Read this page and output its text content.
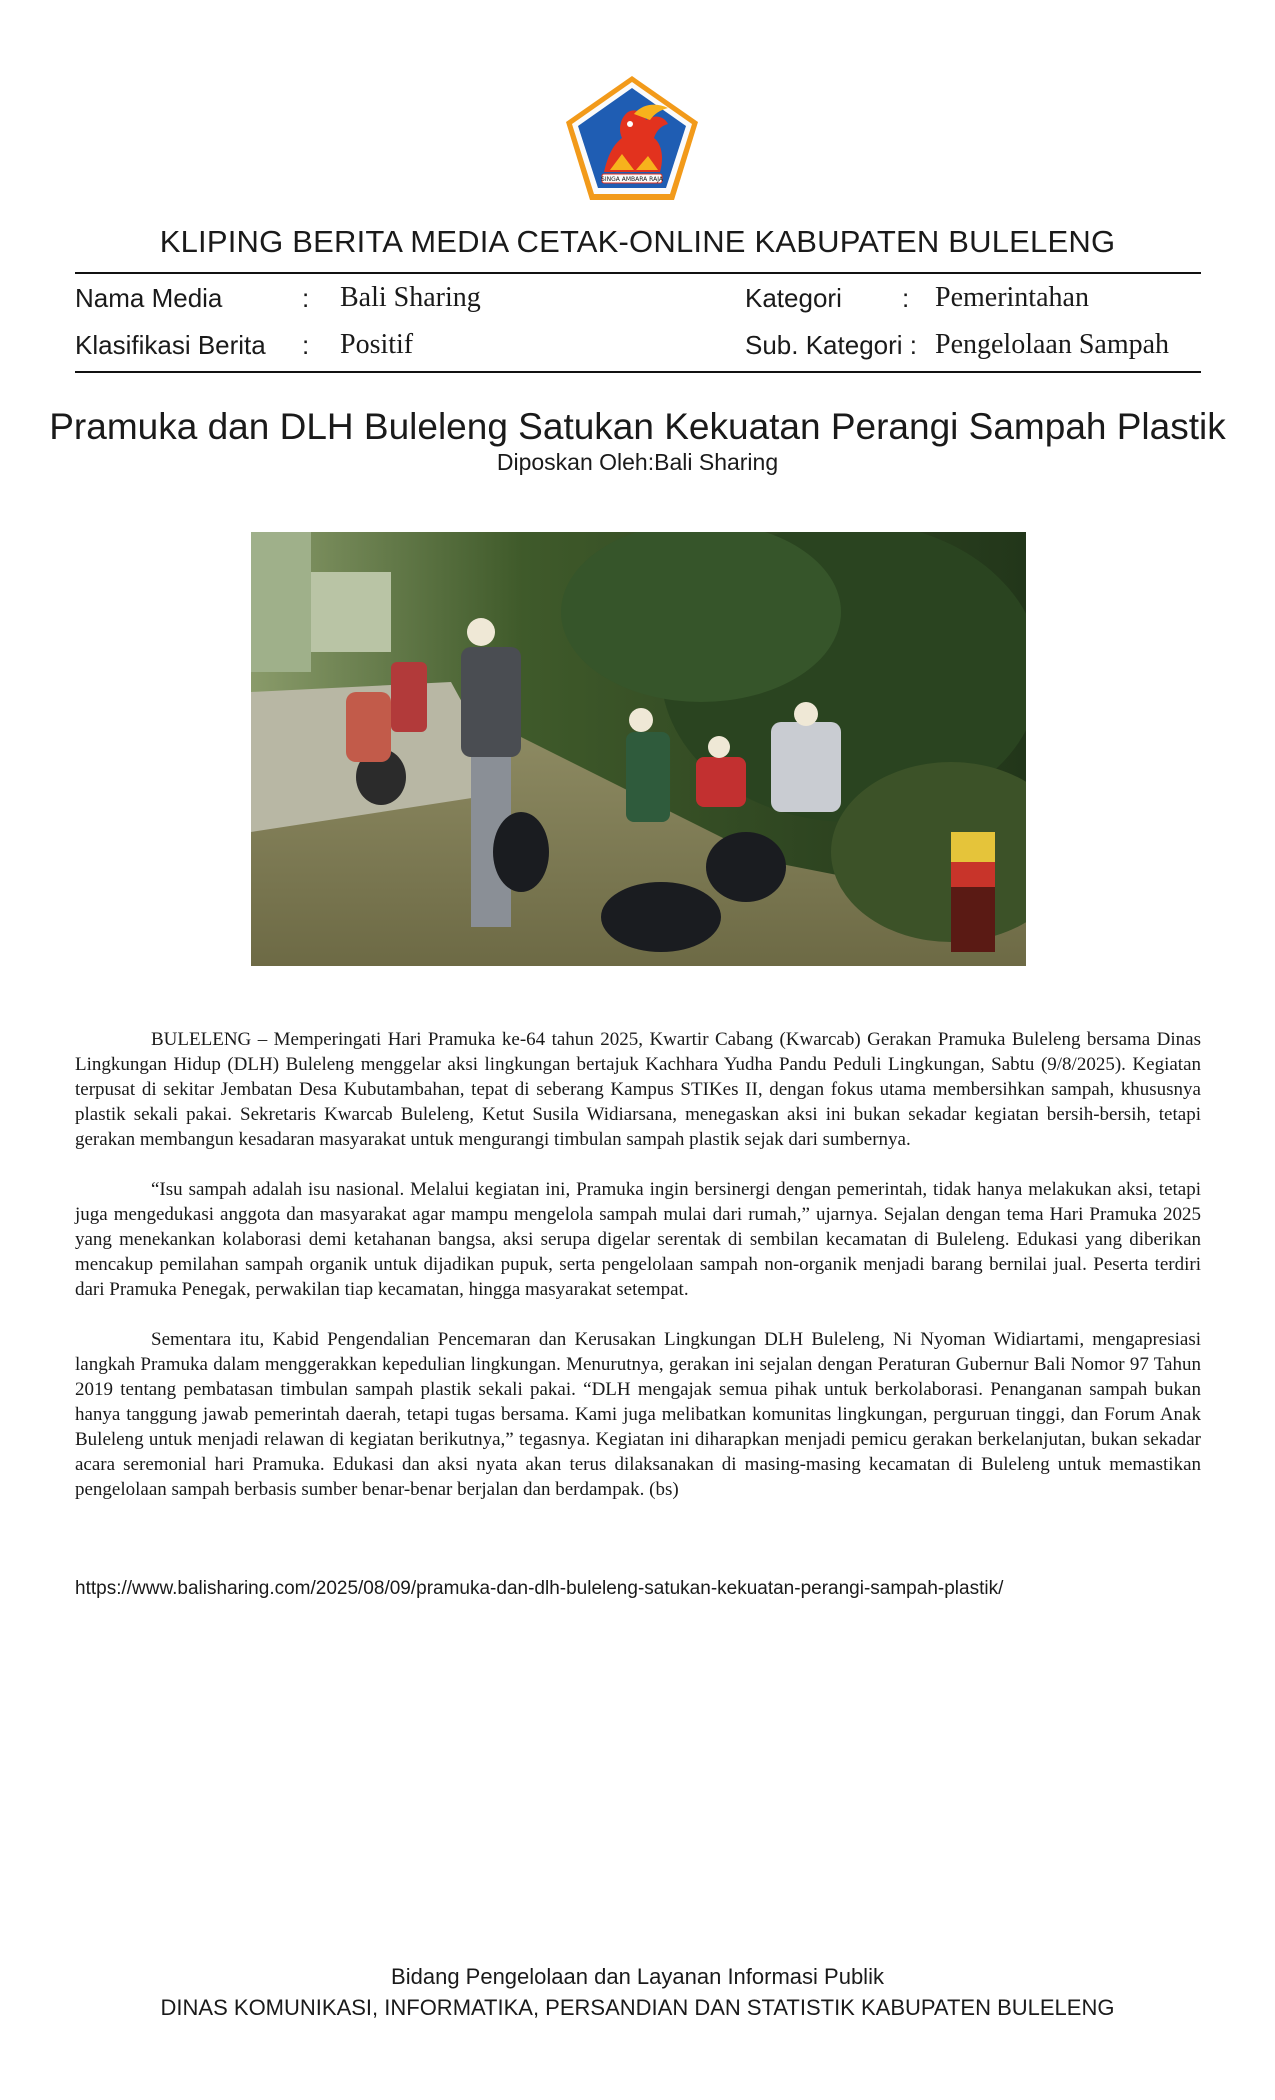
SINGA AMBARA RAJA
KLIPING BERITA MEDIA CETAK-ONLINE KABUPATEN BULELENG
Nama Media	: Bali Sharing	Kategori : Pemerintahan
Klasifikasi Berita : Positif	Sub. Kategori : Pengelolaan Sampah
Pramuka dan DLH Buleleng Satukan Kekuatan Perangi Sampah Plastik
Diposkan Oleh:Bali Sharing

BULELENG – Memperingati Hari Pramuka ke-64 tahun 2025, Kwartir Cabang (Kwarcab) Gerakan Pramuka Buleleng bersama Dinas Lingkungan Hidup (DLH) Buleleng menggelar aksi lingkungan bertajuk Kachhara Yudha Pandu Peduli Lingkungan, Sabtu (9/8/2025). Kegiatan terpusat di sekitar Jembatan Desa Kubutambahan, tepat di seberang Kampus STIKes II, dengan fokus utama membersihkan sampah, khususnya plastik sekali pakai. Sekretaris Kwarcab Buleleng, Ketut Susila Widiarsana, menegaskan aksi ini bukan sekadar kegiatan bersih-bersih, tetapi gerakan membangun kesadaran masyarakat untuk mengurangi timbulan sampah plastik sejak dari sumbernya.

“Isu sampah adalah isu nasional. Melalui kegiatan ini, Pramuka ingin bersinergi dengan pemerintah, tidak hanya melakukan aksi, tetapi juga mengedukasi anggota dan masyarakat agar mampu mengelola sampah mulai dari rumah,” ujarnya. Sejalan dengan tema Hari Pramuka 2025 yang menekankan kolaborasi demi ketahanan bangsa, aksi serupa digelar serentak di sembilan kecamatan di Buleleng. Edukasi yang diberikan mencakup pemilahan sampah organik untuk dijadikan pupuk, serta pengelolaan sampah non-organik menjadi barang bernilai jual. Peserta terdiri dari Pramuka Penegak, perwakilan tiap kecamatan, hingga masyarakat setempat.

Sementara itu, Kabid Pengendalian Pencemaran dan Kerusakan Lingkungan DLH Buleleng, Ni Nyoman Widiartami, mengapresiasi langkah Pramuka dalam menggerakkan kepedulian lingkungan. Menurutnya, gerakan ini sejalan dengan Peraturan Gubernur Bali Nomor 97 Tahun 2019 tentang pembatasan timbulan sampah plastik sekali pakai. “DLH mengajak semua pihak untuk berkolaborasi. Penanganan sampah bukan hanya tanggung jawab pemerintah daerah, tetapi tugas bersama. Kami juga melibatkan komunitas lingkungan, perguruan tinggi, dan Forum Anak Buleleng untuk menjadi relawan di kegiatan berikutnya,” tegasnya. Kegiatan ini diharapkan menjadi pemicu gerakan berkelanjutan, bukan sekadar acara seremonial hari Pramuka. Edukasi dan aksi nyata akan terus dilaksanakan di masing-masing kecamatan di Buleleng untuk memastikan pengelolaan sampah berbasis sumber benar-benar berjalan dan berdampak. (bs)

https://www.balisharing.com/2025/08/09/pramuka-dan-dlh-buleleng-satukan-kekuatan-perangi-sampah-plastik/
Bidang Pengelolaan dan Layanan Informasi Publik
DINAS KOMUNIKASI, INFORMATIKA, PERSANDIAN DAN STATISTIK KABUPATEN BULELENG
